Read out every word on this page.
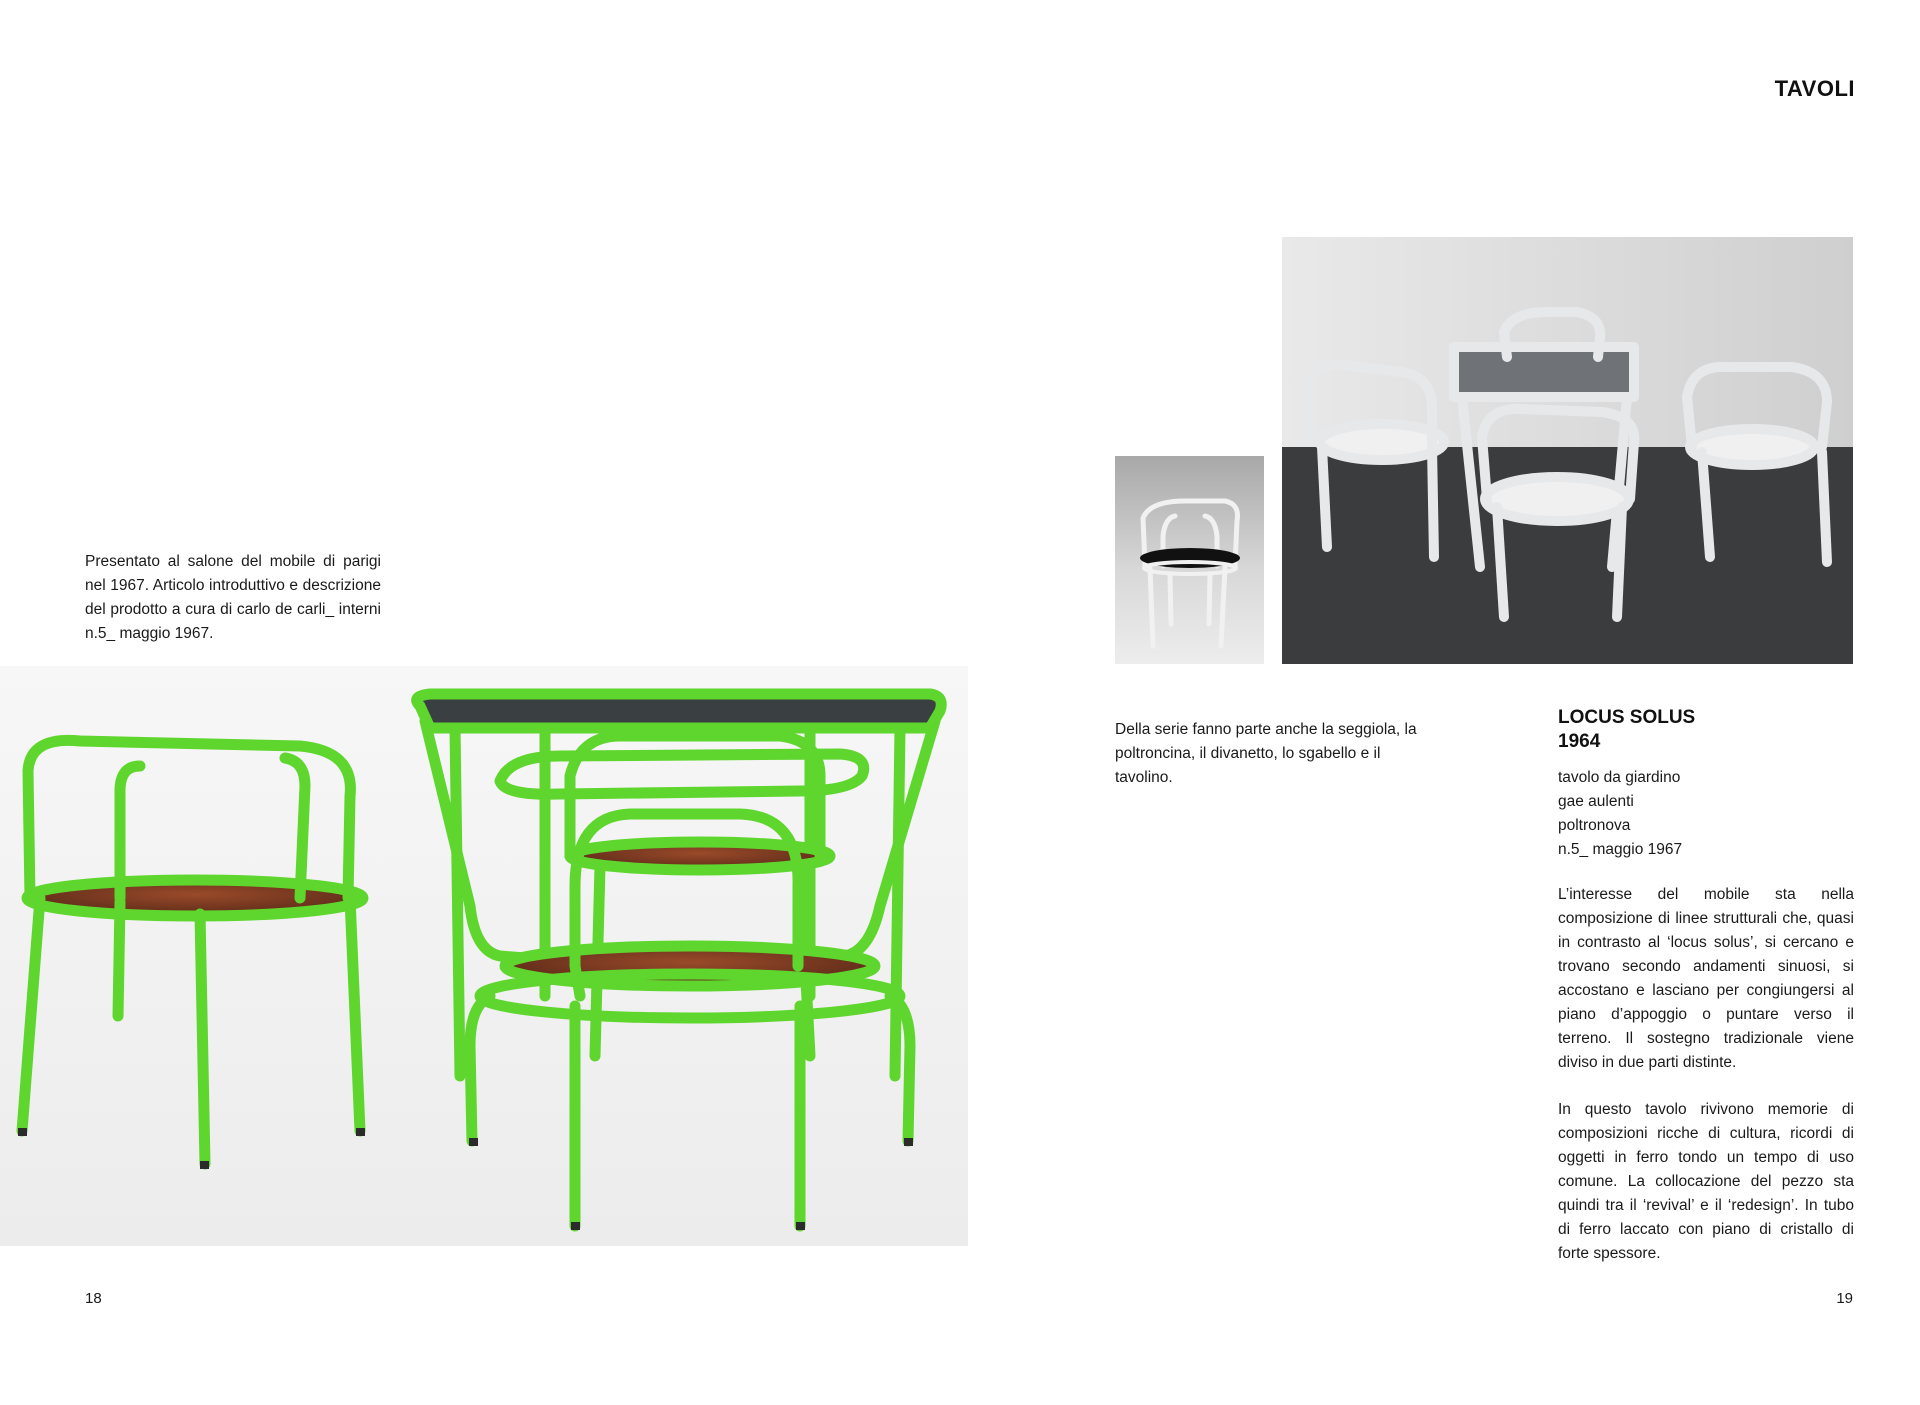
TAVOLI
Presentato al salone del mobile di parigi nel 1967. Articolo introduttivo e descrizione del prodotto a cura di carlo de carli_ interni n.5_ maggio 1967.
Della serie fanno parte anche la seggiola, la poltroncina, il divanetto, lo sgabello e il tavolino.
LOCUS SOLUS
1964
tavolo da giardino
gae aulenti
poltronova
n.5_ maggio 1967
L’interesse del mobile sta nella composizione di linee strutturali che, quasi in contrasto al ‘locus solus’, si cercano e trovano secondo andamenti sinuosi, si accostano e lasciano per congiungersi al piano d’appoggio o puntare verso il terreno. Il sostegno tradizionale viene diviso in due parti distinte.
In questo tavolo rivivono memorie di composizioni ricche di cultura, ricordi di oggetti in ferro tondo un tempo di uso comune. La collocazione del pezzo sta quindi tra il ‘revival’ e il ‘redesign’. In tubo di ferro laccato con piano di cristallo di forte spessore.
18	19
